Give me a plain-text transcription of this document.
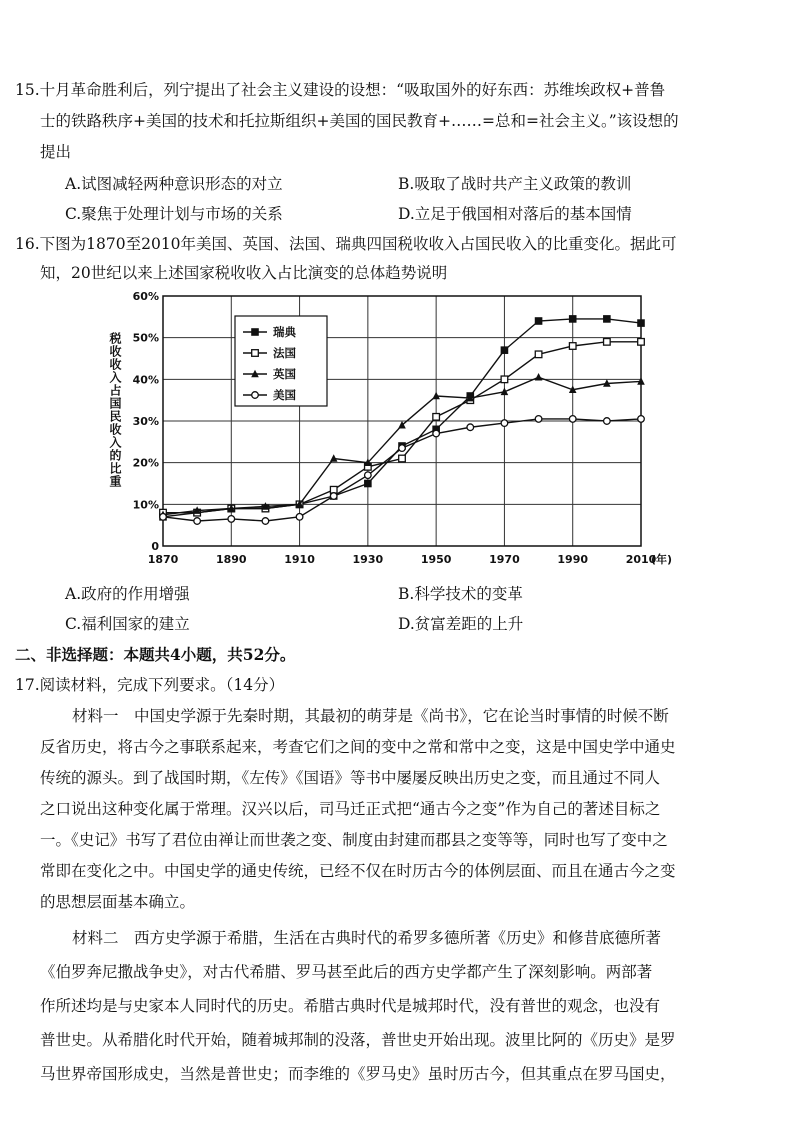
15.十月革命胜利后，列宁提出了社会主义建设的设想：“吸取国外的好东西：苏维埃政权+普鲁
士的铁路秩序+美国的技术和托拉斯组织+美国的国民教育+……=总和=社会主义。”该设想的
提出
A.试图减轻两种意识形态的对立	B.吸取了战时共产主义政策的教训
C.聚焦于处理计划与市场的关系	D.立足于俄国相对落后的基本国情
16.下图为1870至2010年美国、英国、法国、瑞典四国税收收入占国民收入的比重变化。据此可
知，20世纪以来上述国家税收收入占比演变的总体趋势说明
0
10%
20%
30%
40%
50%
60%
1870	1890	1910	1930	1950	1970	1990	2010
(年)
税收收入占国民收入的比重	瑞典
法国
英国
美国
A.政府的作用增强	B.科学技术的变革
C.福利国家的建立	D.贫富差距的上升
二、非选择题：本题共4小题，共52分。
17.阅读材料，完成下列要求。（14分）
材料一　中国史学源于先秦时期，其最初的萌芽是《尚书》，它在论当时事情的时候不断
反省历史，将古今之事联系起来，考查它们之间的变中之常和常中之变，这是中国史学中通史
传统的源头。到了战国时期，《左传》《国语》等书中屡屡反映出历史之变，而且通过不同人
之口说出这种变化属于常理。汉兴以后，司马迁正式把“通古今之变”作为自己的著述目标之
一。《史记》书写了君位由禅让而世袭之变、制度由封建而郡县之变等等，同时也写了变中之
常即在变化之中。中国史学的通史传统，已经不仅在时历古今的体例层面、而且在通古今之变
的思想层面基本确立。
材料二　西方史学源于希腊，生活在古典时代的希罗多德所著《历史》和修昔底德所著
《伯罗奔尼撒战争史》，对古代希腊、罗马甚至此后的西方史学都产生了深刻影响。两部著
作所述均是与史家本人同时代的历史。希腊古典时代是城邦时代，没有普世的观念，也没有
普世史。从希腊化时代开始，随着城邦制的没落，普世史开始出现。波里比阿的《历史》是罗
马世界帝国形成史，当然是普世史；而李维的《罗马史》虽时历古今，但其重点在罗马国史，
